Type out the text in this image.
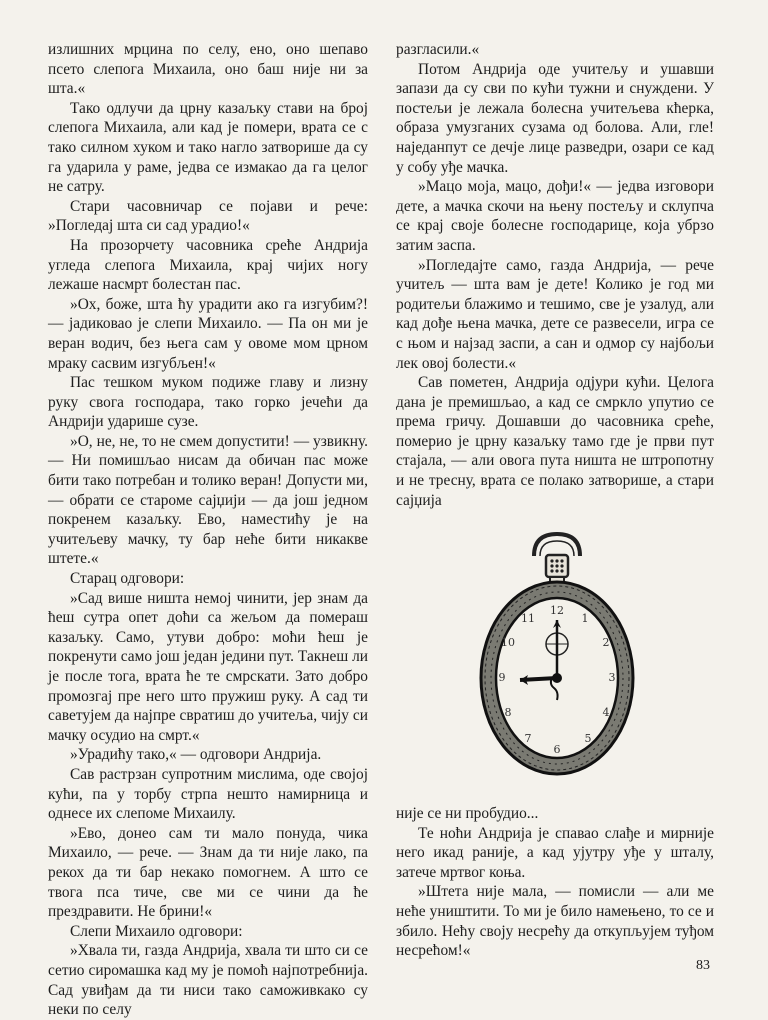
излишних мрцина по селу, ено, оно шепаво псето слепога Михаила, оно баш није ни за шта.«

Тако одлучи да црну казаљку стави на број слепога Михаила, али кад је помери, врата се с тако силном хуком и тако нагло затворише да су га ударила у раме, једва се измакао да га целог не сатру.

Стари часовничар се појави и рече: »Погледај шта си сад урадио!«

На прозорчету часовника среће Андрија угледа слепога Михаила, крај чијих ногу лежаше насмрт болестан пас.

»Ох, боже, шта ћу урадити ако га изгубим?! — јадиковао је слепи Михаило. — Па он ми је веран водич, без њега сам у овоме мом црном мраку сасвим изгубљен!«

Пас тешком муком подиже главу и лизну руку свога господара, тако горко јечећи да Андрији ударише сузе.

»О, не, не, то не смем допустити! — узвикну. — Ни помишљао нисам да обичан пас може бити тако потребан и толико веран! Допусти ми, — обрати се староме сајџији — да још једном покренем казаљку. Ево, наместићу је на учитељеву мачку, ту бар неће бити никакве штете.«

Старац одговори:

»Сад више ништа немој чинити, јер знам да ћеш сутра опет доћи са жељом да помераш казаљку. Само, утуви добро: моћи ћеш је покренути само још један једини пут. Такнеш ли је после тога, врата ће те смрскати. Зато добро промозгај пре него што пружиш руку. А сад ти саветујем да најпре свратиш до учитеља, чију си мачку осудио на смрт.«

»Урадићу тако,« — одговори Андрија.

Сав растрзан супротним мислима, оде својој кући, па у торбу стрпа нешто намирница и однесе их слепоме Михаилу.

»Ево, донео сам ти мало понуда, чика Михаило, — рече. — Знам да ти није лако, па рекох да ти бар некако помогнем. А што се твога пса тиче, све ми се чини да ће прездравити. Не брини!«

Слепи Михаило одговори:

»Хвала ти, газда Андрија, хвала ти што си се сетио сиромашка кад му је помоћ најпотребнија. Сад увиђам да ти ниси тако саможивкако су неки по селу

разгласили.«

Потом Андрија оде учитељу и ушавши запази да су сви по кући тужни и снуждени. У постељи је лежала болесна учитељева кћерка, образа умузганих сузама од болова. Али, гле! наједанпут се дечје лице разведри, озари се кад у собу уђе мачка.

»Мацо моја, мацо, дођи!« — једва изговори дете, а мачка скочи на њену постељу и склупча се крај своје болесне господарице, која убрзо затим заспа.

»Погледајте само, газда Андрија, — рече учитељ — шта вам је дете! Колико је год ми родитељи блажимо и тешимо, све је узалуд, али кад дође њена мачка, дете се развесели, игра се с њом и најзад заспи, а сан и одмор су најбољи лек овој болести.«

Сав пометен, Андрија одјури кући. Целога дана је премишљао, а кад се смркло упутио се према гричу. Дошавши до часовника среће, померио је црну казаљку тамо где је први пут стајала, — али овога пута ништа не штропотну и не тресну, врата се полако затворише, а стари сајџија

12
1
2
3
4
5
6
7
8
9
10
11

није се ни пробудио...

Те ноћи Андрија је спавао слађе и мирније него икад раније, а кад ујутру уђе у шталу, затече мртвог коња.

»Штета није мала, — помисли — али ме неће уништити. То ми је било намењено, то се и збило. Нећу своју несрећу да откупљујем туђом несрећом!«

83
